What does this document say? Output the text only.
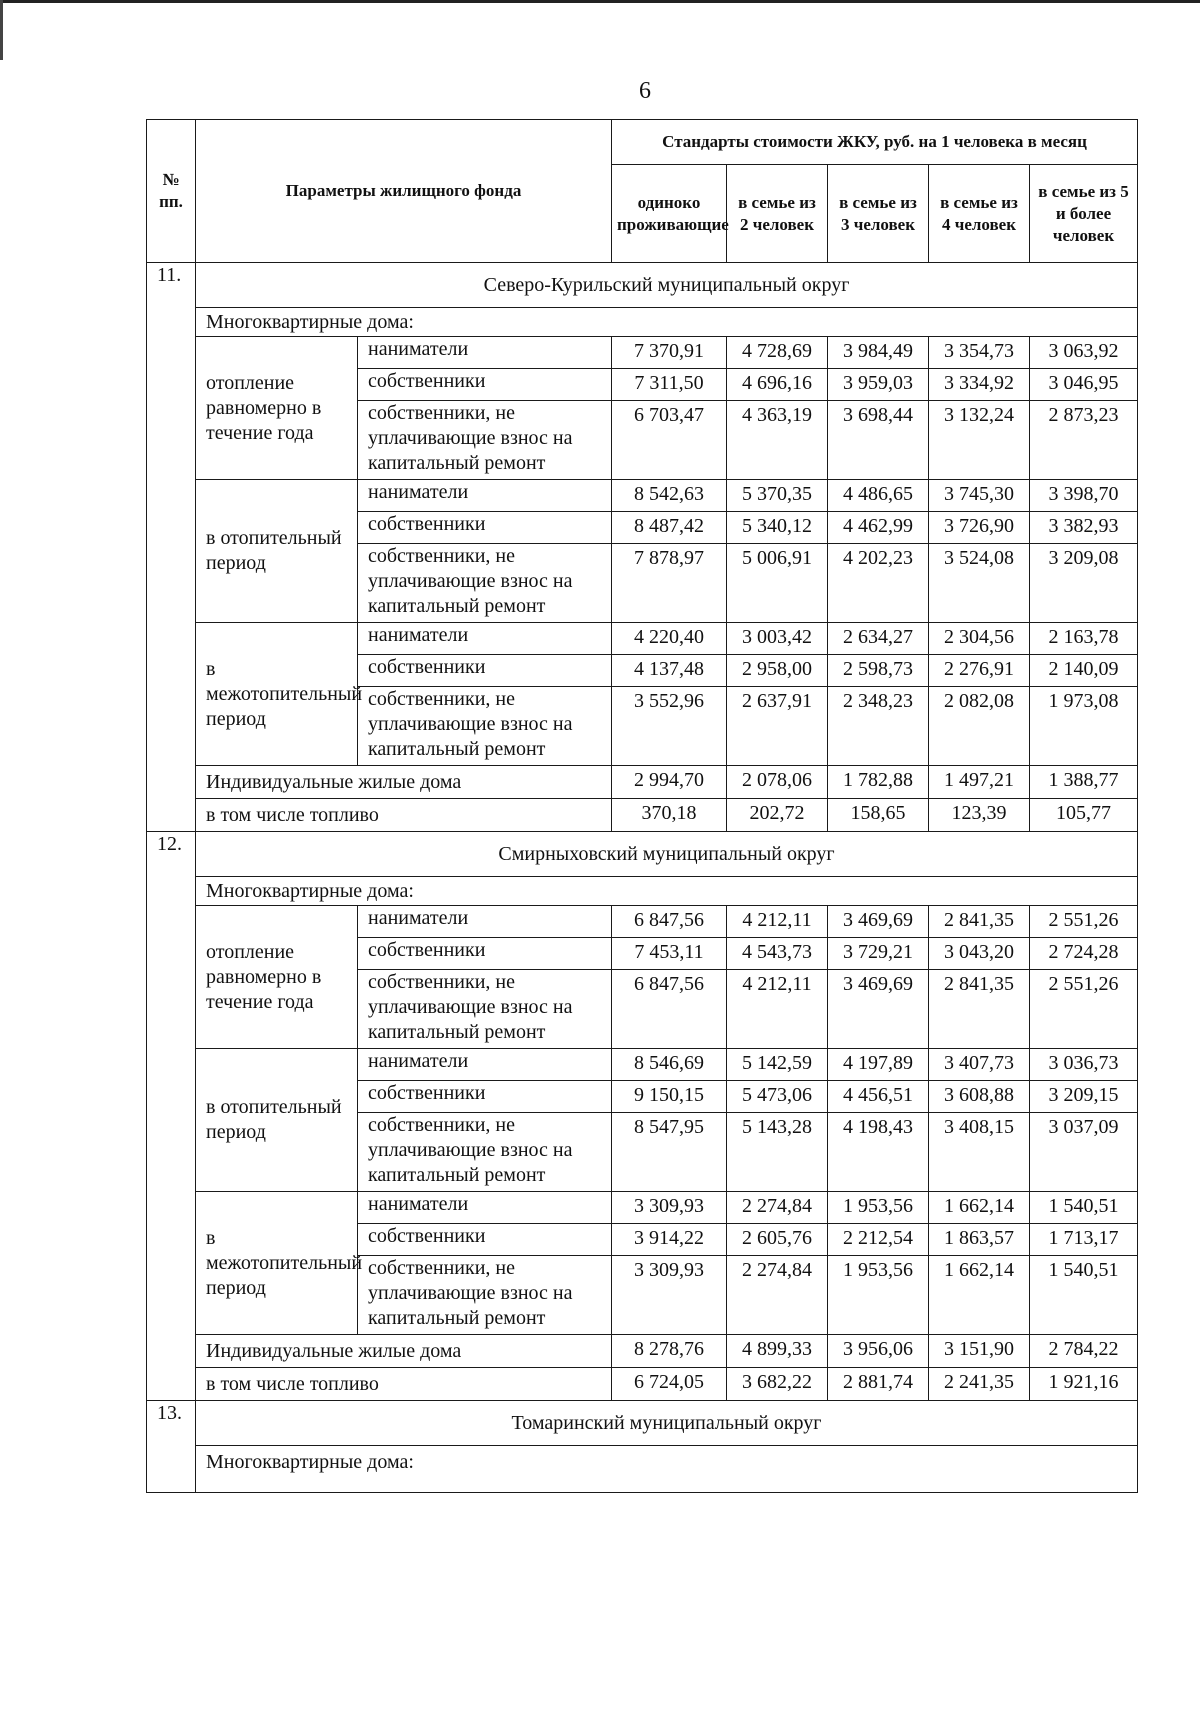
6
№ пп.	Параметры жилищного фонда		Стандарты стоимости ЖКУ, руб. на 1 человека в месяц				
			одиноко проживающие	в семье из 2 человек	в семье из 3 человек	в семье из 4 человек	в семье из 5 и более человек
11.	Северо-Курильский муниципальный округ						
	Многоквартирные дома:						
	отопление равномерно в течение года	наниматели	7 370,91	4 728,69	3 984,49	3 354,73	3 063,92
		собственники	7 311,50	4 696,16	3 959,03	3 334,92	3 046,95
		собственники, не уплачивающие взнос на капитальный ремонт	6 703,47	4 363,19	3 698,44	3 132,24	2 873,23
	в отопительный период	наниматели	8 542,63	5 370,35	4 486,65	3 745,30	3 398,70
		собственники	8 487,42	5 340,12	4 462,99	3 726,90	3 382,93
		собственники, не уплачивающие взнос на капитальный ремонт	7 878,97	5 006,91	4 202,23	3 524,08	3 209,08
	в межотопительный период	наниматели	4 220,40	3 003,42	2 634,27	2 304,56	2 163,78
		собственники	4 137,48	2 958,00	2 598,73	2 276,91	2 140,09
		собственники, не уплачивающие взнос на капитальный ремонт	3 552,96	2 637,91	2 348,23	2 082,08	1 973,08
	Индивидуальные жилые дома		2 994,70	2 078,06	1 782,88	1 497,21	1 388,77
	в том числе топливо		370,18	202,72	158,65	123,39	105,77
12.	Смирныховский муниципальный округ						
	Многоквартирные дома:						
	отопление равномерно в течение года	наниматели	6 847,56	4 212,11	3 469,69	2 841,35	2 551,26
		собственники	7 453,11	4 543,73	3 729,21	3 043,20	2 724,28
		собственники, не уплачивающие взнос на капитальный ремонт	6 847,56	4 212,11	3 469,69	2 841,35	2 551,26
	в отопительный период	наниматели	8 546,69	5 142,59	4 197,89	3 407,73	3 036,73
		собственники	9 150,15	5 473,06	4 456,51	3 608,88	3 209,15
		собственники, не уплачивающие взнос на капитальный ремонт	8 547,95	5 143,28	4 198,43	3 408,15	3 037,09
	в межотопительный период	наниматели	3 309,93	2 274,84	1 953,56	1 662,14	1 540,51
		собственники	3 914,22	2 605,76	2 212,54	1 863,57	1 713,17
		собственники, не уплачивающие взнос на капитальный ремонт	3 309,93	2 274,84	1 953,56	1 662,14	1 540,51
	Индивидуальные жилые дома		8 278,76	4 899,33	3 956,06	3 151,90	2 784,22
	в том числе топливо		6 724,05	3 682,22	2 881,74	2 241,35	1 921,16
13.	Томаринский муниципальный округ						
	Многоквартирные дома:						
